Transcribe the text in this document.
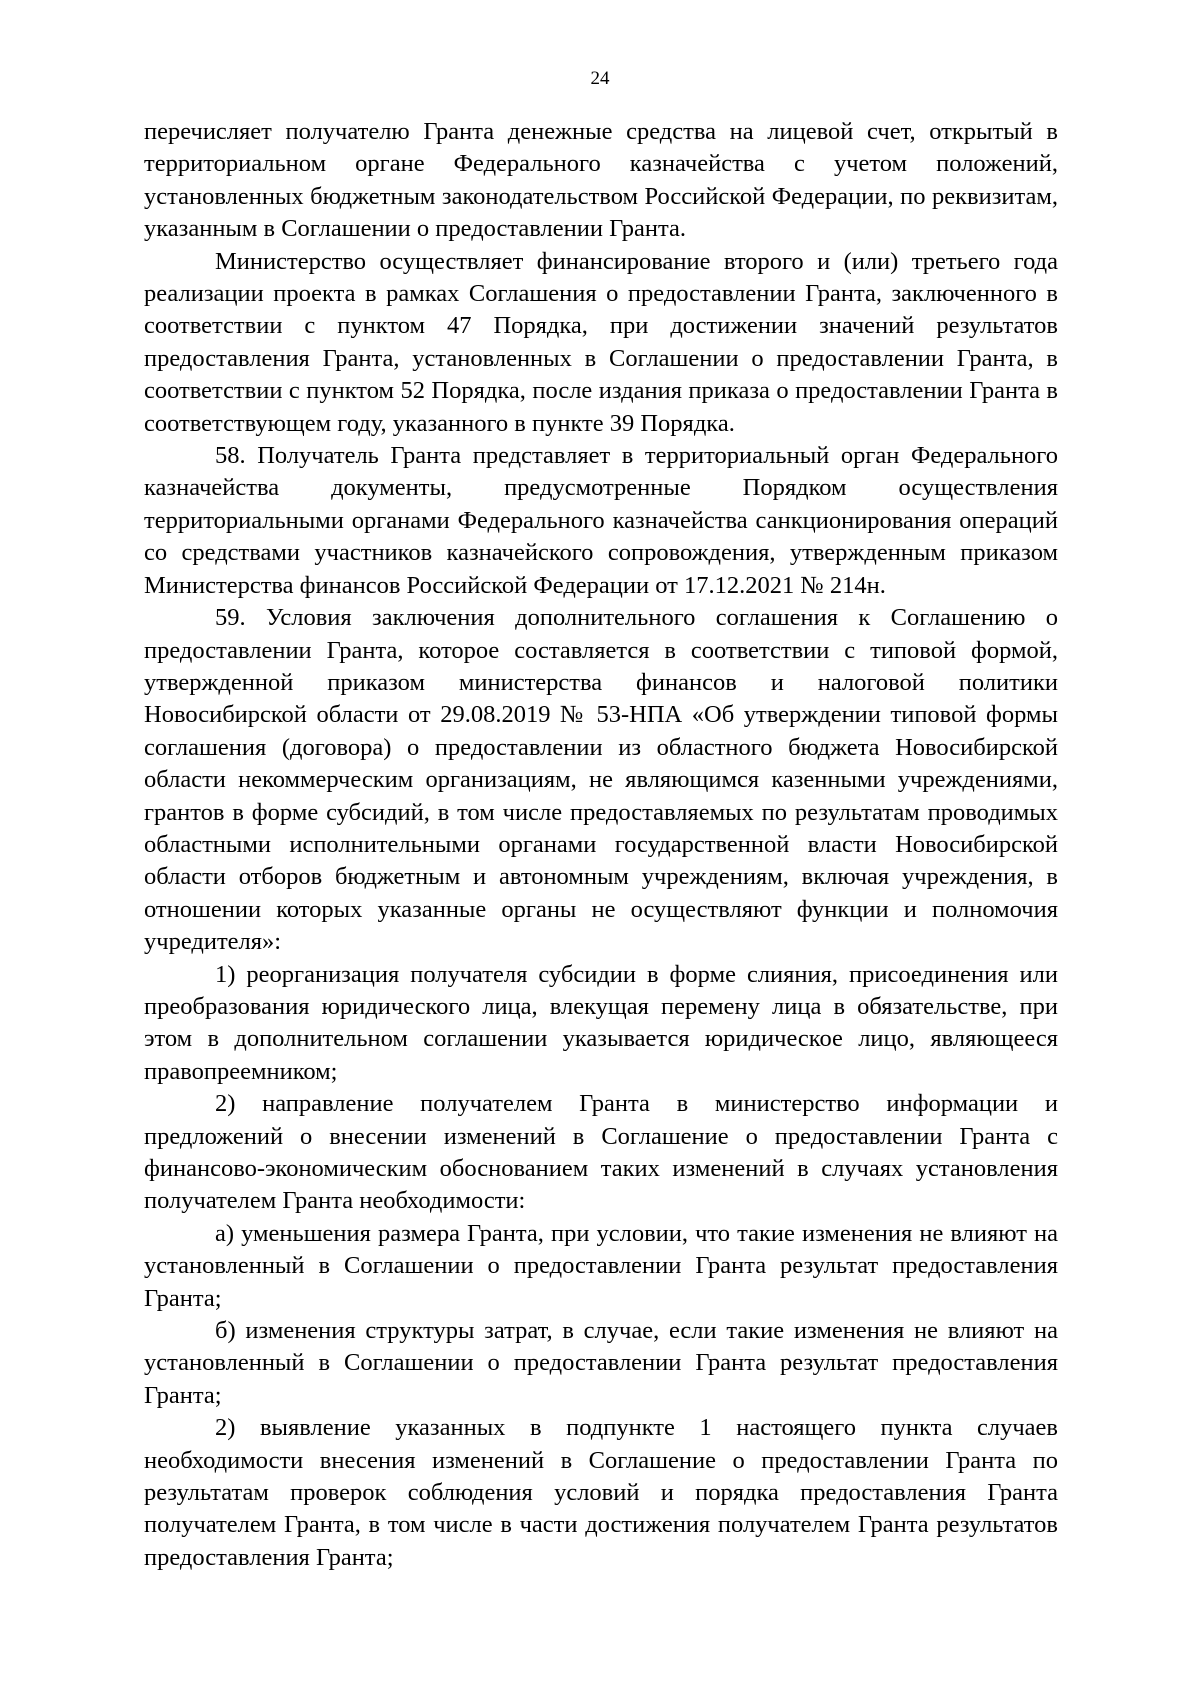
24

перечисляет получателю Гранта денежные средства на лицевой счет, открытый в территориальном органе Федерального казначейства с учетом положений, установленных бюджетным законодательством Российской Федерации, по реквизитам, указанным в Соглашении о предоставлении Гранта.

Министерство осуществляет финансирование второго и (или) третьего года реализации проекта в рамках Соглашения о предоставлении Гранта, заключенного в соответствии с пунктом 47 Порядка, при достижении значений результатов предоставления Гранта, установленных в Соглашении о предоставлении Гранта, в соответствии с пунктом 52 Порядка, после издания приказа о предоставлении Гранта в соответствующем году, указанного в пункте 39 Порядка.

58. Получатель Гранта представляет в территориальный орган Федерального казначейства документы, предусмотренные Порядком осуществления территориальными органами Федерального казначейства санкционирования операций со средствами участников казначейского сопровождения, утвержденным приказом Министерства финансов Российской Федерации от 17.12.2021 № 214н.

59. Условия заключения дополнительного соглашения к Соглашению о предоставлении Гранта, которое составляется в соответствии с типовой формой, утвержденной приказом министерства финансов и налоговой политики Новосибирской области от 29.08.2019 № 53-НПА «Об утверждении типовой формы соглашения (договора) о предоставлении из областного бюджета Новосибирской области некоммерческим организациям, не являющимся казенными учреждениями, грантов в форме субсидий, в том числе предоставляемых по результатам проводимых областными исполнительными органами государственной власти Новосибирской области отборов бюджетным и автономным учреждениям, включая учреждения, в отношении которых указанные органы не осуществляют функции и полномочия учредителя»:

1) реорганизация получателя субсидии в форме слияния, присоединения или преобразования юридического лица, влекущая перемену лица в обязательстве, при этом в дополнительном соглашении указывается юридическое лицо, являющееся правопреемником;

2) направление получателем Гранта в министерство информации и предложений о внесении изменений в Соглашение о предоставлении Гранта с финансово-экономическим обоснованием таких изменений в случаях установления получателем Гранта необходимости:

а) уменьшения размера Гранта, при условии, что такие изменения не влияют на установленный в Соглашении о предоставлении Гранта результат предоставления Гранта;

б) изменения структуры затрат, в случае, если такие изменения не влияют на установленный в Соглашении о предоставлении Гранта результат предоставления Гранта;

2) выявление указанных в подпункте 1 настоящего пункта случаев необходимости внесения изменений в Соглашение о предоставлении Гранта по результатам проверок соблюдения условий и порядка предоставления Гранта получателем Гранта, в том числе в части достижения получателем Гранта результатов предоставления Гранта;
